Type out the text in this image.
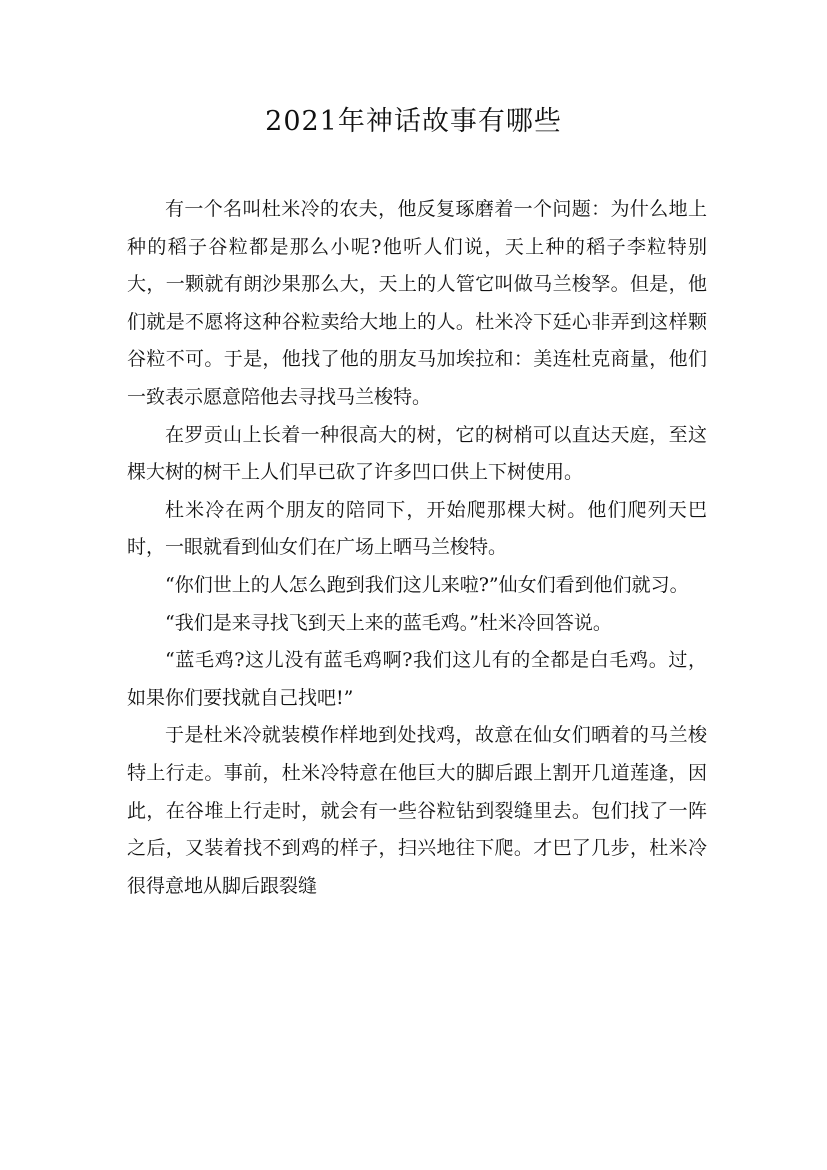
2021年神话故事有哪些

有一个名叫杜米冷的农夫，他反复琢磨着一个问题：为什么地上种的稻子谷粒都是那么小呢?他听人们说，天上种的稻子李粒特别大，一颗就有朗沙果那么大，天上的人管它叫做马兰梭孥。但是，他们就是不愿将这种谷粒卖给大地上的人。杜米冷下廷心非弄到这样颗谷粒不可。于是，他找了他的朋友马加埃拉和：美连杜克商量，他们一致表示愿意陪他去寻找马兰梭特。

在罗贡山上长着一种很高大的树，它的树梢可以直达天庭，至这棵大树的树干上人们早已砍了许多凹口供上下树使用。

杜米冷在两个朋友的陪同下，开始爬那棵大树。他们爬列天巴时，一眼就看到仙女们在广场上晒马兰梭特。

“你们世上的人怎么跑到我们这儿来啦?”仙女们看到他们就习。

“我们是来寻找飞到天上来的蓝毛鸡。”杜米冷回答说。

“蓝毛鸡?这儿没有蓝毛鸡啊?我们这儿有的全都是白毛鸡。过，如果你们要找就自己找吧!”

于是杜米冷就装模作样地到处找鸡，故意在仙女们晒着的马兰梭特上行走。事前，杜米冷特意在他巨大的脚后跟上割开几道莲逢，因此，在谷堆上行走时，就会有一些谷粒钻到裂缝里去。包们找了一阵之后，又装着找不到鸡的样子，扫兴地往下爬。才巴了几步，杜米冷很得意地从脚后跟裂缝
